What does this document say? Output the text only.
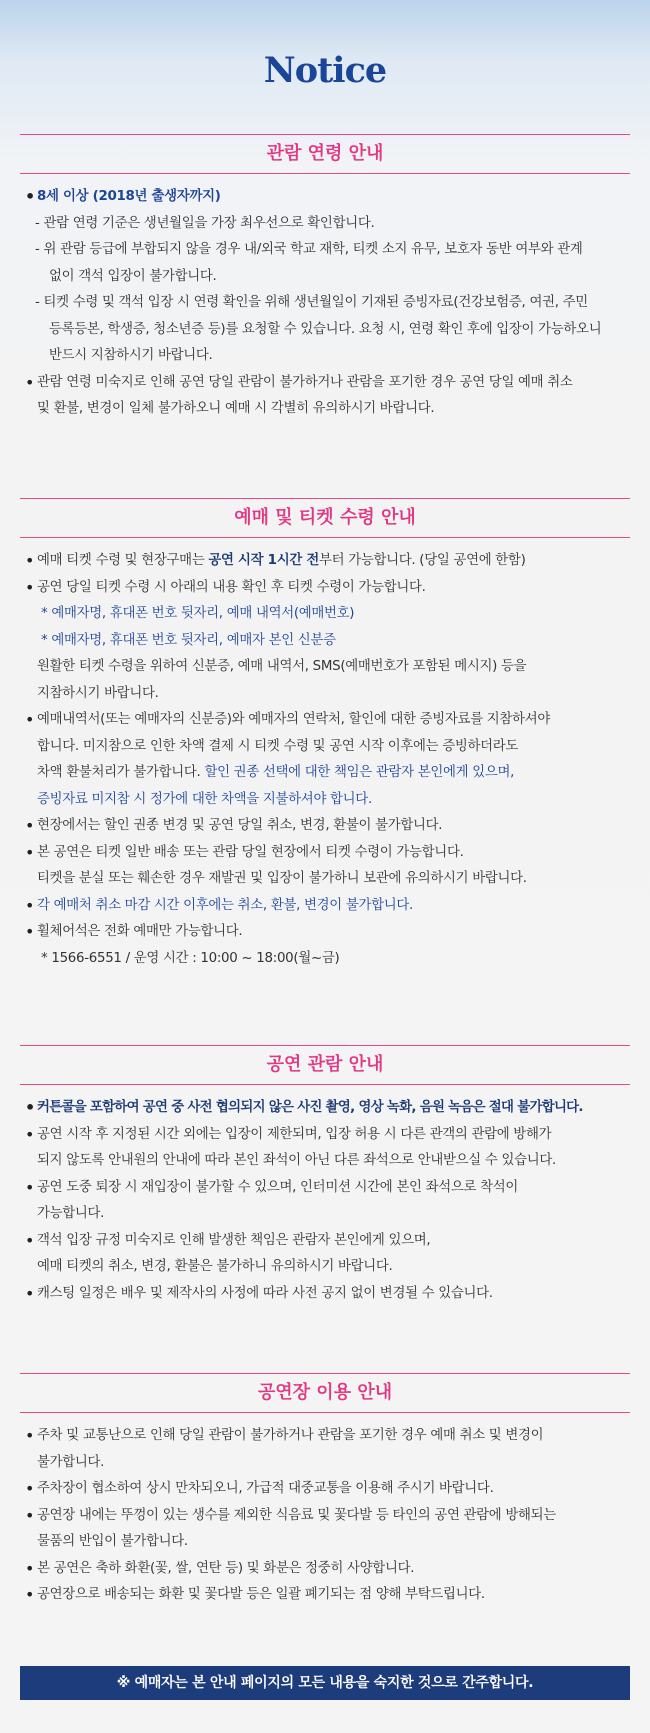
Notice
관람 연령 안내
• 8세 이상 (2018년 출생자까지)
- 관람 연령 기준은 생년월일을 가장 최우선으로 확인합니다.
- 위 관람 등급에 부합되지 않을 경우 내/외국 학교 재학, 티켓 소지 유무, 보호자 동반 여부와 관계
없이 객석 입장이 불가합니다.
- 티켓 수령 및 객석 입장 시 연령 확인을 위해 생년월일이 기재된 증빙자료(건강보험증, 여권, 주민
등록등본, 학생증, 청소년증 등)를 요청할 수 있습니다. 요청 시, 연령 확인 후에 입장이 가능하오니
반드시 지참하시기 바랍니다.
• 관람 연령 미숙지로 인해 공연 당일 관람이 불가하거나 관람을 포기한 경우 공연 당일 예매 취소
및 환불, 변경이 일체 불가하오니 예매 시 각별히 유의하시기 바랍니다.
예매 및 티켓 수령 안내
• 예매 티켓 수령 및 현장구매는 공연 시작 1시간 전부터 가능합니다. (당일 공연에 한함)
• 공연 당일 티켓 수령 시 아래의 내용 확인 후 티켓 수령이 가능합니다.
* 예매자명, 휴대폰 번호 뒷자리, 예매 내역서(예매번호)
* 예매자명, 휴대폰 번호 뒷자리, 예매자 본인 신분증
원활한 티켓 수령을 위하여 신분증, 예매 내역서, SMS(예매번호가 포함된 메시지) 등을
지참하시기 바랍니다.
• 예매내역서(또는 예매자의 신분증)와 예매자의 연락처, 할인에 대한 증빙자료를 지참하셔야
합니다. 미지참으로 인한 차액 결제 시 티켓 수령 및 공연 시작 이후에는 증빙하더라도
차액 환불처리가 불가합니다. 할인 권종 선택에 대한 책임은 관람자 본인에게 있으며,
증빙자료 미지참 시 정가에 대한 차액을 지불하셔야 합니다.
• 현장에서는 할인 권종 변경 및 공연 당일 취소, 변경, 환불이 불가합니다.
• 본 공연은 티켓 일반 배송 또는 관람 당일 현장에서 티켓 수령이 가능합니다.
티켓을 분실 또는 훼손한 경우 재발권 및 입장이 불가하니 보관에 유의하시기 바랍니다.
• 각 예매처 취소 마감 시간 이후에는 취소, 환불, 변경이 불가합니다.
• 휠체어석은 전화 예매만 가능합니다.
* 1566-6551 / 운영 시간 : 10:00 ~ 18:00(월~금)
공연 관람 안내
• 커튼콜을 포함하여 공연 중 사전 협의되지 않은 사진 촬영, 영상 녹화, 음원 녹음은 절대 불가합니다.
• 공연 시작 후 지정된 시간 외에는 입장이 제한되며, 입장 허용 시 다른 관객의 관람에 방해가
되지 않도록 안내원의 안내에 따라 본인 좌석이 아닌 다른 좌석으로 안내받으실 수 있습니다.
• 공연 도중 퇴장 시 재입장이 불가할 수 있으며, 인터미션 시간에 본인 좌석으로 착석이
가능합니다.
• 객석 입장 규정 미숙지로 인해 발생한 책임은 관람자 본인에게 있으며,
예매 티켓의 취소, 변경, 환불은 불가하니 유의하시기 바랍니다.
• 캐스팅 일정은 배우 및 제작사의 사정에 따라 사전 공지 없이 변경될 수 있습니다.
공연장 이용 안내
• 주차 및 교통난으로 인해 당일 관람이 불가하거나 관람을 포기한 경우 예매 취소 및 변경이
불가합니다.
• 주차장이 협소하여 상시 만차되오니, 가급적 대중교통을 이용해 주시기 바랍니다.
• 공연장 내에는 뚜껑이 있는 생수를 제외한 식음료 및 꽃다발 등 타인의 공연 관람에 방해되는
물품의 반입이 불가합니다.
• 본 공연은 축하 화환(꽃, 쌀, 연탄 등) 및 화분은 정중히 사양합니다.
• 공연장으로 배송되는 화환 및 꽃다발 등은 일괄 폐기되는 점 양해 부탁드립니다.
※ 예매자는 본 안내 페이지의 모든 내용을 숙지한 것으로 간주합니다.
